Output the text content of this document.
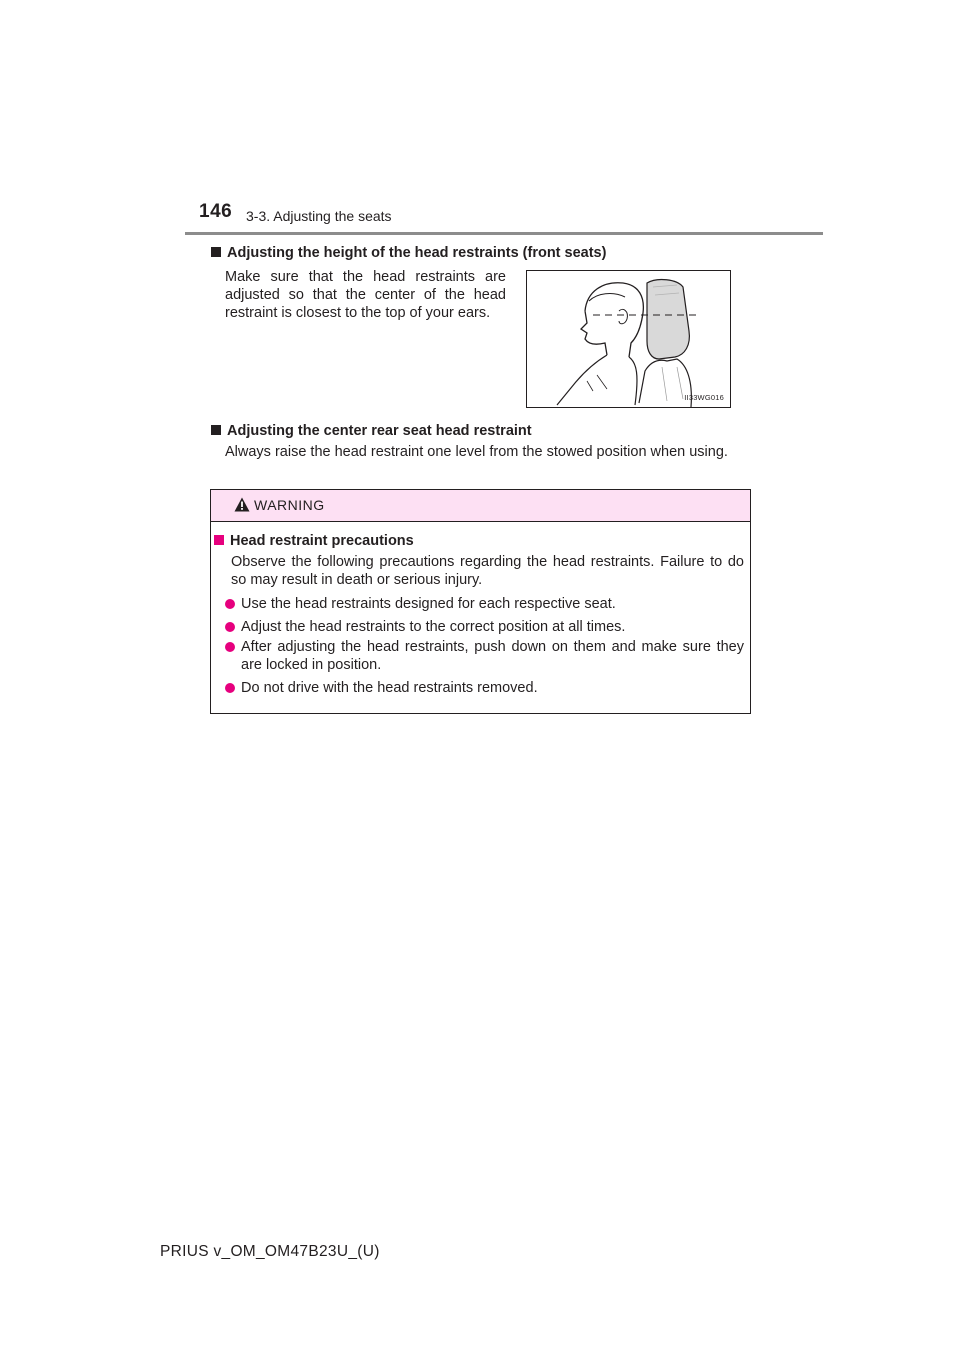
146 3-3. Adjusting the seats
Adjusting the height of the head restraints (front seats)
Make sure that the head restraints are adjusted so that the center of the head restraint is closest to the top of your ears.
II33WG016
Adjusting the center rear seat head restraint
Always raise the head restraint one level from the stowed position when using.
WARNING
Head restraint precautions
Observe the following precautions regarding the head restraints. Failure to do so may result in death or serious injury.
Use the head restraints designed for each respective seat.
Adjust the head restraints to the correct position at all times.
After adjusting the head restraints, push down on them and make sure they are locked in position.
Do not drive with the head restraints removed.
PRIUS v_OM_OM47B23U_(U)
